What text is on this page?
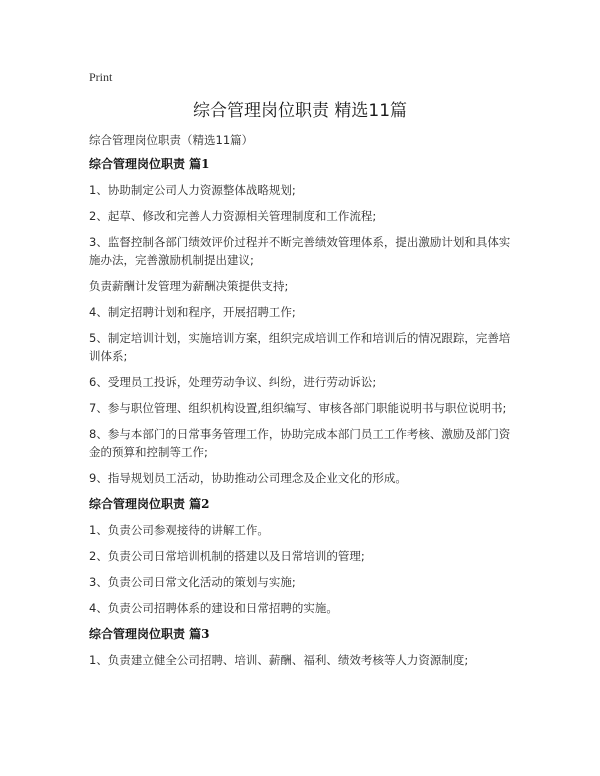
Print
综合管理岗位职责 精选11篇

综合管理岗位职责（精选11篇）

综合管理岗位职责 篇1

1、协助制定公司人力资源整体战略规划;

2、起草、修改和完善人力资源相关管理制度和工作流程;

3、监督控制各部门绩效评价过程并不断完善绩效管理体系，提出激励计划和具体实施办法，完善激励机制提出建议;

负责薪酬计发管理为薪酬决策提供支持;

4、制定招聘计划和程序，开展招聘工作;

5、制定培训计划，实施培训方案，组织完成培训工作和培训后的情况跟踪，完善培训体系;

6、受理员工投诉，处理劳动争议、纠纷，进行劳动诉讼;

7、参与职位管理、组织机构设置,组织编写、审核各部门职能说明书与职位说明书;

8、参与本部门的日常事务管理工作，协助完成本部门员工工作考核、激励及部门资金的预算和控制等工作;

9、指导规划员工活动，协助推动公司理念及企业文化的形成。

综合管理岗位职责 篇2

1、负责公司参观接待的讲解工作。

2、负责公司日常培训机制的搭建以及日常培训的管理;

3、负责公司日常文化活动的策划与实施;

4、负责公司招聘体系的建设和日常招聘的实施。

综合管理岗位职责 篇3

1、负责建立健全公司招聘、培训、薪酬、福利、绩效考核等人力资源制度;
